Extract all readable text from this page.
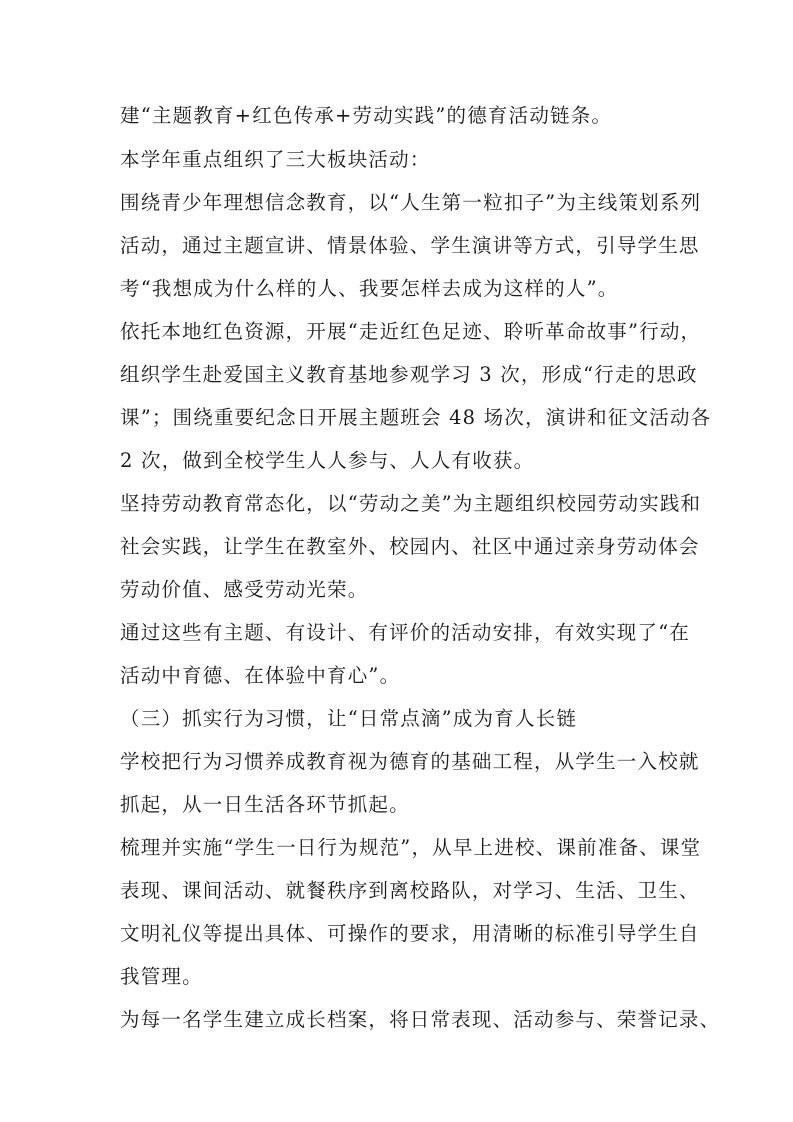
建“主题教育+红色传承+劳动实践”的德育活动链条。
本学年重点组织了三大板块活动：
围绕青少年理想信念教育，以“人生第一粒扣子”为主线策划系列
活动，通过主题宣讲、情景体验、学生演讲等方式，引导学生思
考“我想成为什么样的人、我要怎样去成为这样的人”。
依托本地红色资源，开展“走近红色足迹、聆听革命故事”行动，
组织学生赴爱国主义教育基地参观学习 3 次，形成“行走的思政
课”；围绕重要纪念日开展主题班会 48 场次，演讲和征文活动各
2 次，做到全校学生人人参与、人人有收获。
坚持劳动教育常态化，以“劳动之美”为主题组织校园劳动实践和
社会实践，让学生在教室外、校园内、社区中通过亲身劳动体会
劳动价值、感受劳动光荣。
通过这些有主题、有设计、有评价的活动安排，有效实现了“在
活动中育德、在体验中育心”。
（三）抓实行为习惯，让“日常点滴”成为育人长链
学校把行为习惯养成教育视为德育的基础工程，从学生一入校就
抓起，从一日生活各环节抓起。
梳理并实施“学生一日行为规范”，从早上进校、课前准备、课堂
表现、课间活动、就餐秩序到离校路队，对学习、生活、卫生、
文明礼仪等提出具体、可操作的要求，用清晰的标准引导学生自
我管理。
为每一名学生建立成长档案，将日常表现、活动参与、荣誉记录、
